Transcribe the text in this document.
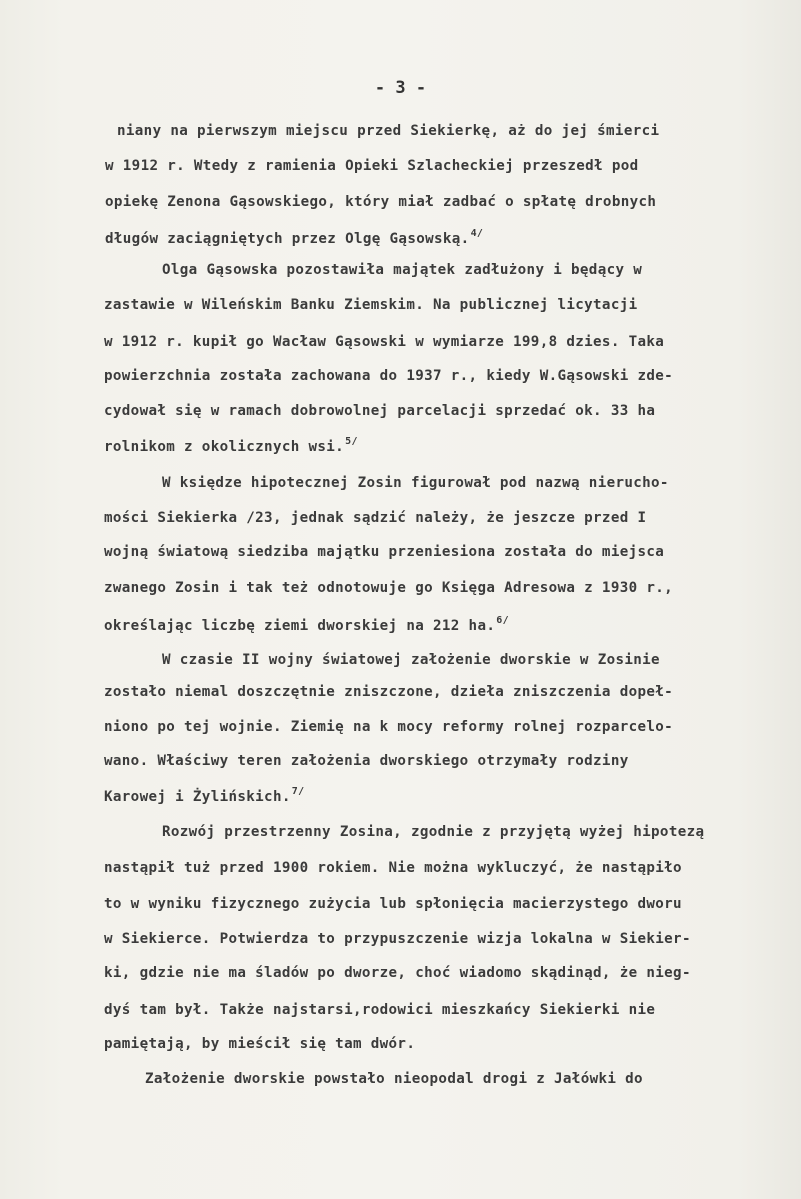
- 3 -
niany na pierwszym miejscu przed Siekierkę, aż do jej śmierci
w 1912 r. Wtedy z ramienia Opieki Szlacheckiej przeszedł pod
opiekę Zenona Gąsowskiego, który miał zadbać o spłatę drobnych
długów zaciągniętych przez Olgę Gąsowską.$^{4/}$
Olga Gąsowska pozostawiła majątek zadłużony i będący w
zastawie w Wileńskim Banku Ziemskim. Na publicznej licytacji
w 1912 r. kupił go Wacław Gąsowski w wymiarze 199,8 dzies. Taka
powierzchnia została zachowana do 1937 r., kiedy W.Gąsowski zde-
cydował się w ramach dobrowolnej parcelacji sprzedać ok. 33 ha
rolnikom z okolicznych wsi.$^{5/}$
W księdze hipotecznej Zosin figurował pod nazwą nierucho-
mości Siekierka /23, jednak sądzić należy, że jeszcze przed I
wojną światową siedziba majątku przeniesiona została do miejsca
zwanego Zosin i tak też odnotowuje go Księga Adresowa z 1930 r.,
określając liczbę ziemi dworskiej na 212 ha.$^{6/}$
W czasie II wojny światowej założenie dworskie w Zosinie
zostało niemal doszczętnie zniszczone, dzieła zniszczenia dopeł-
niono po tej wojnie. Ziemię na k mocy reformy rolnej rozparcelo-
wano. Właściwy teren założenia dworskiego otrzymały rodziny
Karowej i Żylińskich.$^{7/}$
Rozwój przestrzenny Zosina, zgodnie z przyjętą wyżej hipotezą
nastąpił tuż przed 1900 rokiem. Nie można wykluczyć, że nastąpiło
to w wyniku fizycznego zużycia lub spłonięcia macierzystego dworu
w Siekierce. Potwierdza to przypuszczenie wizja lokalna w Siekier-
ki, gdzie nie ma śladów po dworze, choć wiadomo skądinąd, że nieg-
dyś tam był. Także najstarsi,rodowici mieszkańcy Siekierki nie
pamiętają, by mieścił się tam dwór.
Założenie dworskie powstało nieopodal drogi z Jałówki do
